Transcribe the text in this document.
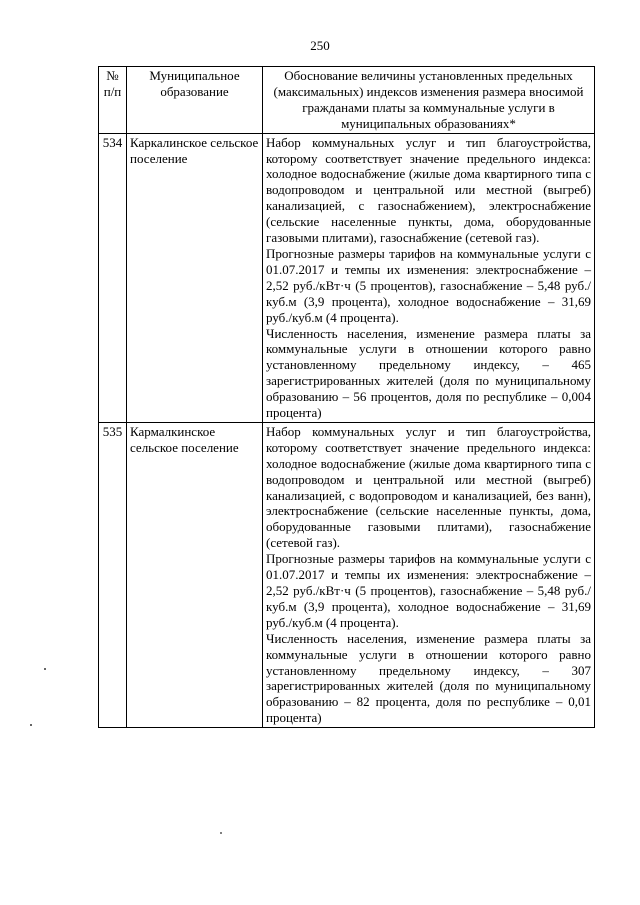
250
№ п/п	Муниципальное образование	Обоснование величины установленных предельных (максимальных) индексов изменения размера вносимой гражданами платы за коммунальные услуги в муниципальных образованиях*
534	Каркалинское сельское поселение	Набор коммунальных услуг и тип благоустройства, которому соответствует значение предельного индекса: холодное водоснабжение (жилые дома квартирного типа с водопроводом и центральной или местной (выгреб) канализацией, с газоснабжением), электроснабжение (сельские населенные пункты, дома, оборудованные газовыми плитами), газоснабжение (сетевой газ).
Прогнозные размеры тарифов на коммунальные услуги с 01.07.2017 и темпы их изменения: электроснабжение – 2,52 руб./кВт·ч (5 процентов), газоснабжение – 5,48 руб./куб.м (3,9 процента), холодное водоснабжение – 31,69 руб./куб.м (4 процента).
Численность населения, изменение размера платы за коммунальные услуги в отношении которого равно установленному предельному индексу, – 465 зарегистрированных жителей (доля по муниципальному образованию – 56 процентов, доля по республике – 0,004 процента)

535	Кармалкинское сельское поселение	Набор коммунальных услуг и тип благоустройства, которому соответствует значение предельного индекса: холодное водоснабжение (жилые дома квартирного типа с водопроводом и центральной или местной (выгреб) канализацией, с водопроводом и канализацией, без ванн), электроснабжение (сельские населенные пункты, дома, оборудованные газовыми плитами), газоснабжение (сетевой газ).
Прогнозные размеры тарифов на коммунальные услуги с 01.07.2017 и темпы их изменения: электроснабжение – 2,52 руб./кВт·ч (5 процентов), газоснабжение – 5,48 руб./куб.м (3,9 процента), холодное водоснабжение – 31,69 руб./куб.м (4 процента).
Численность населения, изменение размера платы за коммунальные услуги в отношении которого равно установленному предельному индексу, – 307 зарегистрированных жителей (доля по муниципальному образованию – 82 процента, доля по республике – 0,01 процента)
